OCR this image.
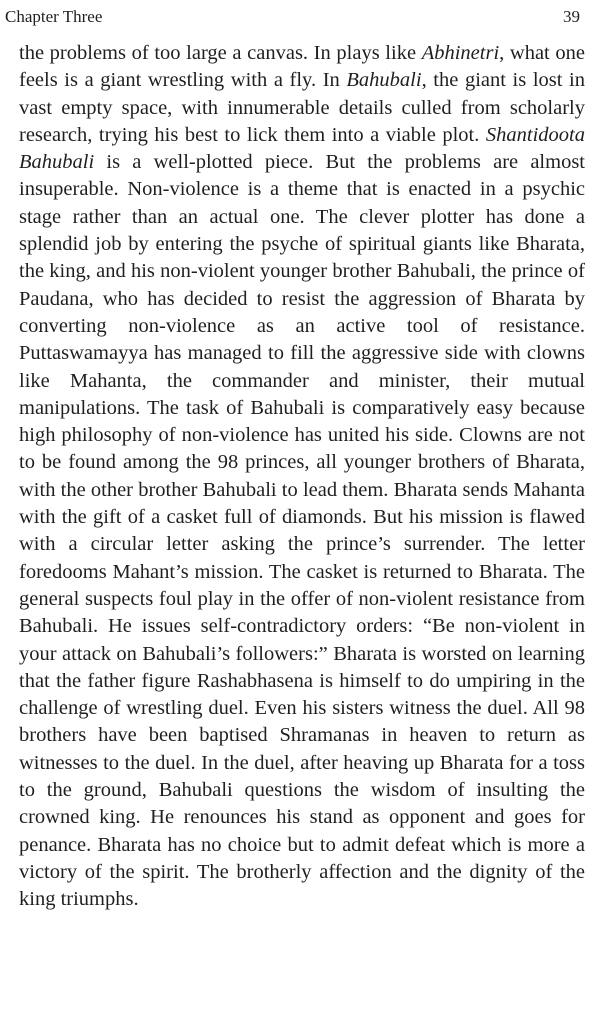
Chapter Three	39

the problems of too large a canvas. In plays like Abhinetri, what one feels is a giant wrestling with a fly. In Bahubali, the giant is lost in vast empty space, with innumerable details culled from scholarly research, trying his best to lick them into a viable plot. Shantidoota Bahubali is a well-plotted piece. But the problems are almost insuperable. Non-violence is a theme that is enacted in a psychic stage rather than an actual one. The clever plotter has done a splendid job by entering the psyche of spiritual giants like Bharata, the king, and his non-violent younger brother Bahubali, the prince of Paudana, who has decided to resist the aggression of Bharata by converting non-violence as an active tool of resistance. Puttaswamayya has managed to fill the aggressive side with clowns like Mahanta, the commander and minister, their mutual manipulations. The task of Bahubali is comparatively easy because high philosophy of non-violence has united his side. Clowns are not to be found among the 98 princes, all younger brothers of Bharata, with the other brother Bahubali to lead them. Bharata sends Mahanta with the gift of a casket full of diamonds. But his mission is flawed with a circular letter asking the prince’s surrender. The letter foredooms Mahant’s mission. The casket is returned to Bharata. The general suspects foul play in the offer of non-violent resistance from Bahubali. He issues self-contradictory orders: “Be non-violent in your attack on Bahubali’s followers:” Bharata is worsted on learning that the father figure Rashabhasena is himself to do umpiring in the challenge of wrestling duel. Even his sisters witness the duel. All 98 brothers have been baptised Shramanas in heaven to return as witnesses to the duel. In the duel, after heaving up Bharata for a toss to the ground, Bahubali questions the wisdom of insulting the crowned king. He renounces his stand as opponent and goes for penance. Bharata has no choice but to admit defeat which is more a victory of the spirit. The brotherly affection and the dignity of the king triumphs.
